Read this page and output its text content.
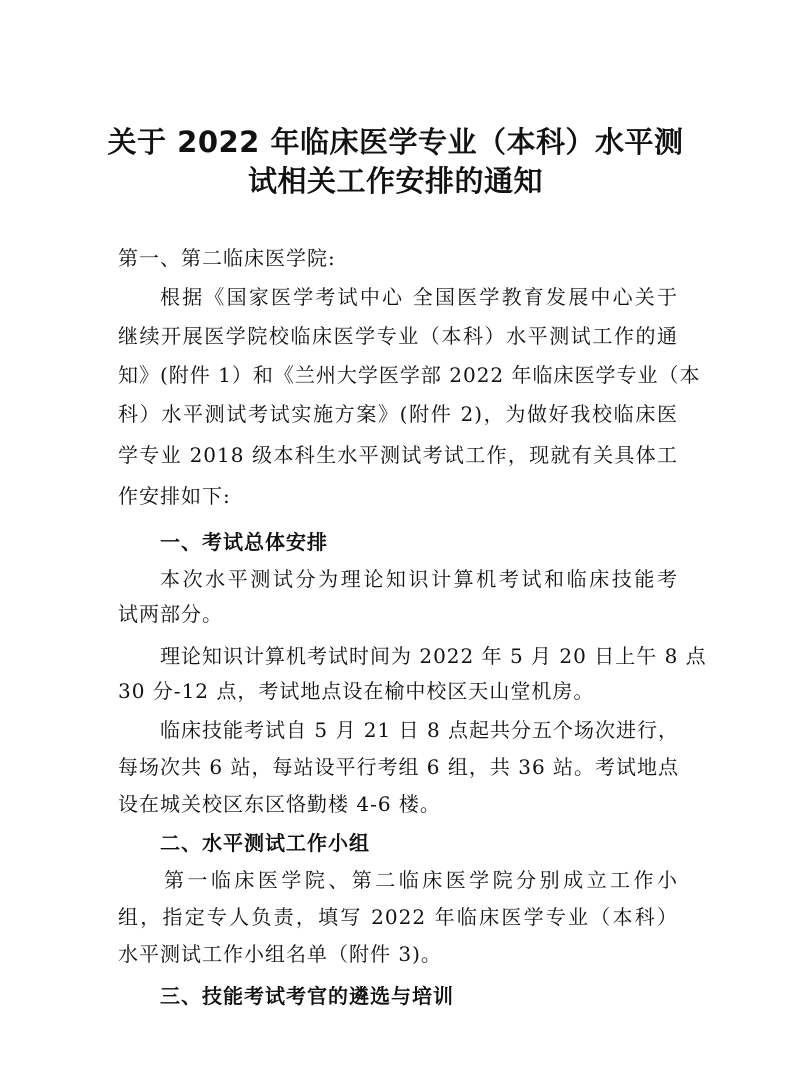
关于 2022 年临床医学专业（本科）水平测
试相关工作安排的通知
第一、第二临床医学院:
根据《国家医学考试中心 全国医学教育发展中心关于
继续开展医学院校临床医学专业（本科）水平测试工作的通
知》(附件 1）和《兰州大学医学部 2022 年临床医学专业（本
科）水平测试考试实施方案》(附件 2)，为做好我校临床医
学专业 2018 级本科生水平测试考试工作，现就有关具体工
作安排如下:
一、考试总体安排
本次水平测试分为理论知识计算机考试和临床技能考
试两部分。
理论知识计算机考试时间为 2022 年 5 月 20 日上午 8 点
30 分-12 点，考试地点设在榆中校区天山堂机房。
临床技能考试自 5 月 21 日 8 点起共分五个场次进行，
每场次共 6 站，每站设平行考组 6 组，共 36 站。考试地点
设在城关校区东区恪勤楼 4-6 楼。
二、水平测试工作小组
第一临床医学院、第二临床医学院分别成立工作小
组，指定专人负责，填写 2022 年临床医学专业（本科）
水平测试工作小组名单（附件 3)。
三、技能考试考官的遴选与培训
